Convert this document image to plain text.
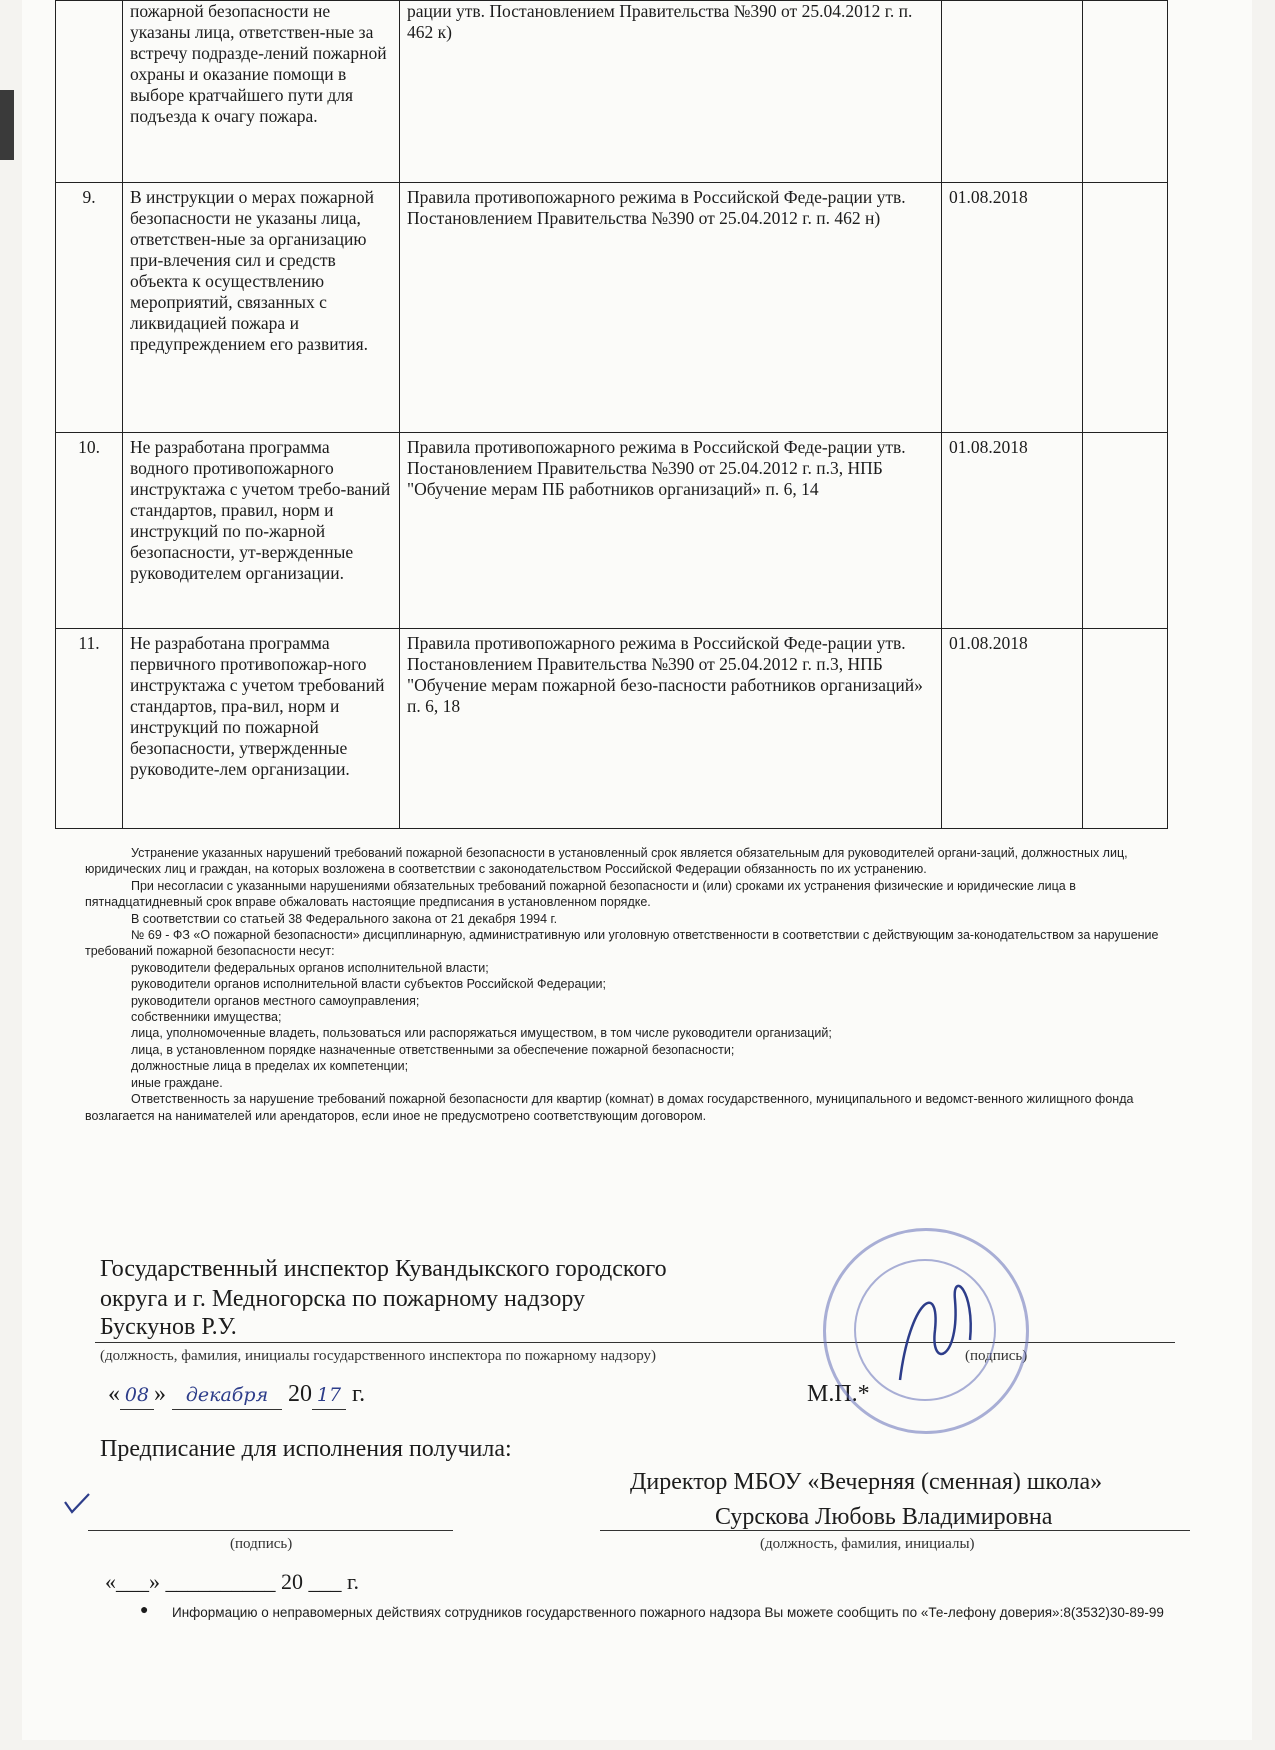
	пожарной безопасности не указаны лица, ответствен-ные за встречу подразде-лений пожарной охраны и оказание помощи в выборе кратчайшего пути для подъезда к очагу пожара.	рации утв. Постановлением Правительства №390 от 25.04.2012 г. п. 462 к)		
9.	В инструкции о мерах пожарной безопасности не указаны лица, ответствен-ные за организацию при-влечения сил и средств объекта к осуществлению мероприятий, связанных с ликвидацией пожара и предупреждением его развития.	Правила противопожарного режима в Российской Феде-рации утв. Постановлением Правительства №390 от 25.04.2012 г. п. 462 н)	01.08.2018	
10.	Не разработана программа водного противопожарного инструктажа с учетом требо-ваний стандартов, правил, норм и инструкций по по-жарной безопасности, ут-вержденные руководителем организации.	Правила противопожарного режима в Российской Феде-рации утв. Постановлением Правительства №390 от 25.04.2012 г. п.3, НПБ "Обучение мерам ПБ работников организаций» п. 6, 14	01.08.2018	
11.	Не разработана программа первичного противопожар-ного инструктажа с учетом требований стандартов, пра-вил, норм и инструкций по пожарной безопасности, утвержденные руководите-лем организации.	Правила противопожарного режима в Российской Феде-рации утв. Постановлением Правительства №390 от 25.04.2012 г. п.3, НПБ "Обучение мерам пожарной безо-пасности работников организаций» п. 6, 18	01.08.2018	

Устранение указанных нарушений требований пожарной безопасности в установленный срок является обязательным для руководителей органи-заций, должностных лиц, юридических лиц и граждан, на которых возложена в соответствии с законодательством Российской Федерации обязанность по их устранению.

При несогласии с указанными нарушениями обязательных требований пожарной безопасности и (или) сроками их устранения физические и юридические лица в пятнадцатидневный срок вправе обжаловать настоящие предписания в установленном порядке.

В соответствии со статьей 38 Федерального закона от 21 декабря 1994 г.

№ 69 - ФЗ «О пожарной безопасности» дисциплинарную, административную или уголовную ответственности в соответствии с действующим за-конодательством за нарушение требований пожарной безопасности несут:

руководители федеральных органов исполнительной власти;

руководители органов исполнительной власти субъектов Российской Федерации;

руководители органов местного самоуправления;

собственники имущества;

лица, уполномоченные владеть, пользоваться или распоряжаться имуществом, в том числе руководители организаций;

лица, в установленном порядке назначенные ответственными за обеспечение пожарной безопасности;

должностные лица в пределах их компетенции;

иные граждане.

Ответственность за нарушение требований пожарной безопасности для квартир (комнат) в домах государственного, муниципального и ведомст-венного жилищного фонда возлагается на нанимателей или арендаторов, если иное не предусмотрено соответствующим договором.

Государственный инспектор Кувандыкского городского
округа и г. Медногорска по пожарному надзору
Бускунов Р.У.
(должность, фамилия, инициалы государственного инспектора по пожарному надзору)	(подпись)
« 08 » декабря 20 17 г.	М.П.*
Предписание для исполнения получила:
Директор МБОУ «Вечерняя (сменная) школа»
Сурскова Любовь Владимировна
(подпись)	(должность, фамилия, инициалы)
«___» __________ 20 ___ г.
● Информацию о неправомерных действиях сотрудников государственного пожарного надзора Вы можете сообщить по «Те-лефону доверия»:8(3532)30-89-99
